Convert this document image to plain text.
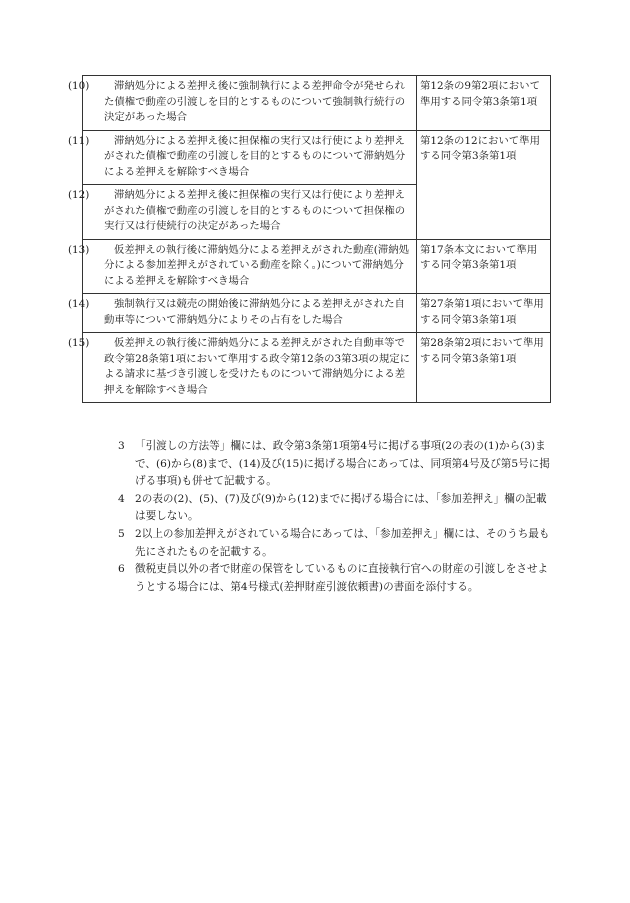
(10) 滞納処分による差押え後に強制執行による差押命令が発せられた債権で動産の引渡しを目的とするものについて強制執行続行の決定があった場合	第12条の9第2項において準用する同令第3条第1項

(11) 滞納処分による差押え後に担保権の実行又は行使により差押えがされた債権で動産の引渡しを目的とするものについて滞納処分による差押えを解除すべき場合	第12条の12において準用する同令第3条第1項

(12) 滞納処分による差押え後に担保権の実行又は行使により差押えがされた債権で動産の引渡しを目的とするものについて担保権の実行又は行使続行の決定があった場合	

(13) 仮差押えの執行後に滞納処分による差押えがされた動産(滞納処分による参加差押えがされている動産を除く。)について滞納処分による差押えを解除すべき場合	第17条本文において準用する同令第3条第1項

(14) 強制執行又は競売の開始後に滞納処分による差押えがされた自動車等について滞納処分によりその占有をした場合	第27条第1項において準用する同令第3条第1項

(15) 仮差押えの執行後に滞納処分による差押えがされた自動車等で政令第28条第1項において準用する政令第12条の3第3項の規定による請求に基づき引渡しを受けたものについて滞納処分による差押えを解除すべき場合	第28条第2項において準用する同令第3条第1項

3 「引渡しの方法等」欄には、政令第3条第1項第4号に掲げる事項(2の表の(1)から(3)まで、(6)から(8)まで、(14)及び(15)に掲げる場合にあっては、同項第4号及び第5号に掲げる事項)も併せて記載する。

4 2の表の(2)、(5)、(7)及び(9)から(12)までに掲げる場合には、「参加差押え」欄の記載は要しない。

5 2以上の参加差押えがされている場合にあっては、「参加差押え」欄には、そのうち最も先にされたものを記載する。

6 徴税吏員以外の者で財産の保管をしているものに直接執行官への財産の引渡しをさせようとする場合には、第4号様式(差押財産引渡依頼書)の書面を添付する。
